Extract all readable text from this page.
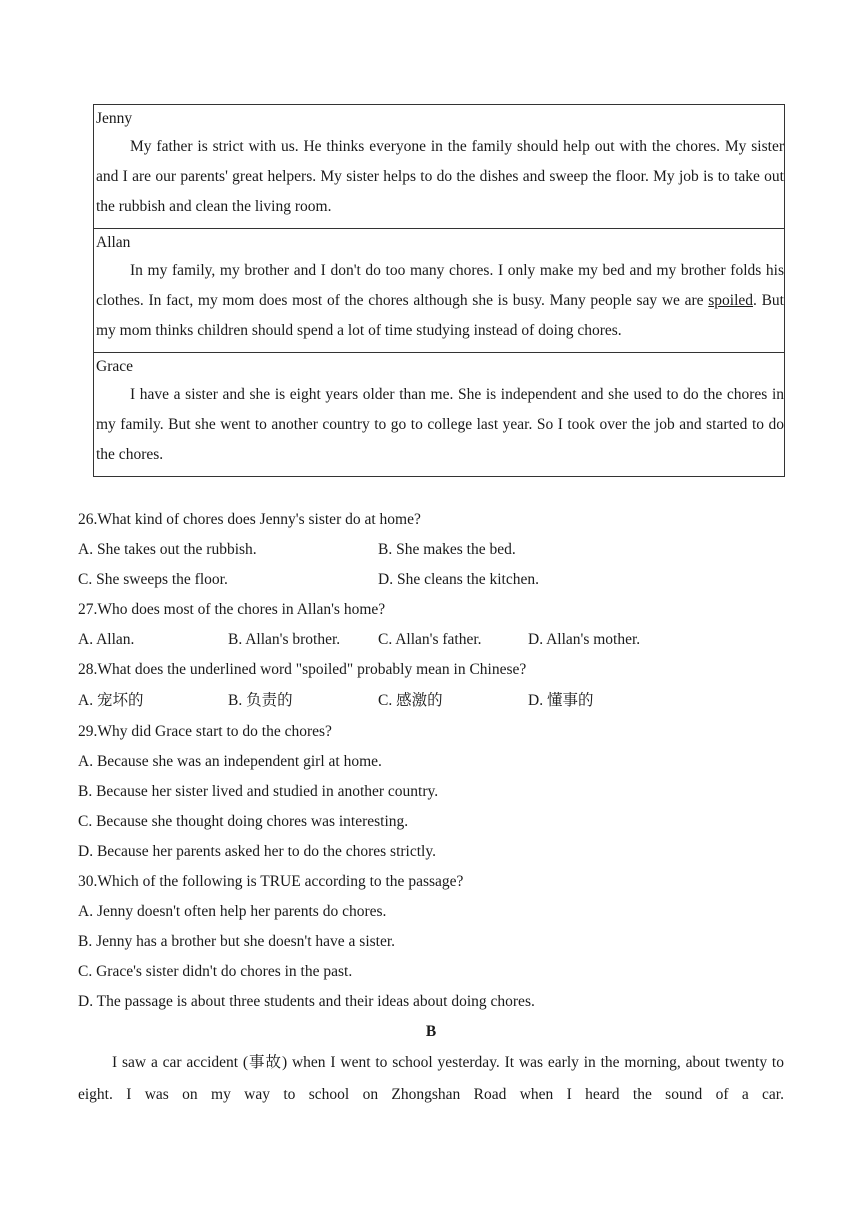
Jenny
My father is strict with us. He thinks everyone in the family should help out with the chores. My sister and I are our parents' great helpers. My sister helps to do the dishes and sweep the floor. My job is to take out the rubbish and clean the living room.
Allan
In my family, my brother and I don't do too many chores. I only make my bed and my brother folds his clothes. In fact, my mom does most of the chores although she is busy. Many people say we are spoiled. But my mom thinks children should spend a lot of time studying instead of doing chores.
Grace
I have a sister and she is eight years older than me. She is independent and she used to do the chores in my family. But she went to another country to go to college last year. So I took over the job and started to do the chores.
26.What kind of chores does Jenny's sister do at home?
A. She takes out the rubbish.	B. She makes the bed.
C. She sweeps the floor.	D. She cleans the kitchen.
27.Who does most of the chores in Allan's home?
A. Allan.	B. Allan's brother.	C. Allan's father.	D. Allan's mother.
28.What does the underlined word "spoiled" probably mean in Chinese?
A. 宠坏的	B. 负责的	C. 感激的	D. 懂事的
29.Why did Grace start to do the chores?
A. Because she was an independent girl at home.
B. Because her sister lived and studied in another country.
C. Because she thought doing chores was interesting.
D. Because her parents asked her to do the chores strictly.
30.Which of the following is TRUE according to the passage?
A. Jenny doesn't often help her parents do chores.
B. Jenny has a brother but she doesn't have a sister.
C. Grace's sister didn't do chores in the past.
D. The passage is about three students and their ideas about doing chores.
B
I saw a car accident (事故) when I went to school yesterday. It was early in the morning, about twenty to eight. I was on my way to school on Zhongshan Road when I heard the sound of a car.
